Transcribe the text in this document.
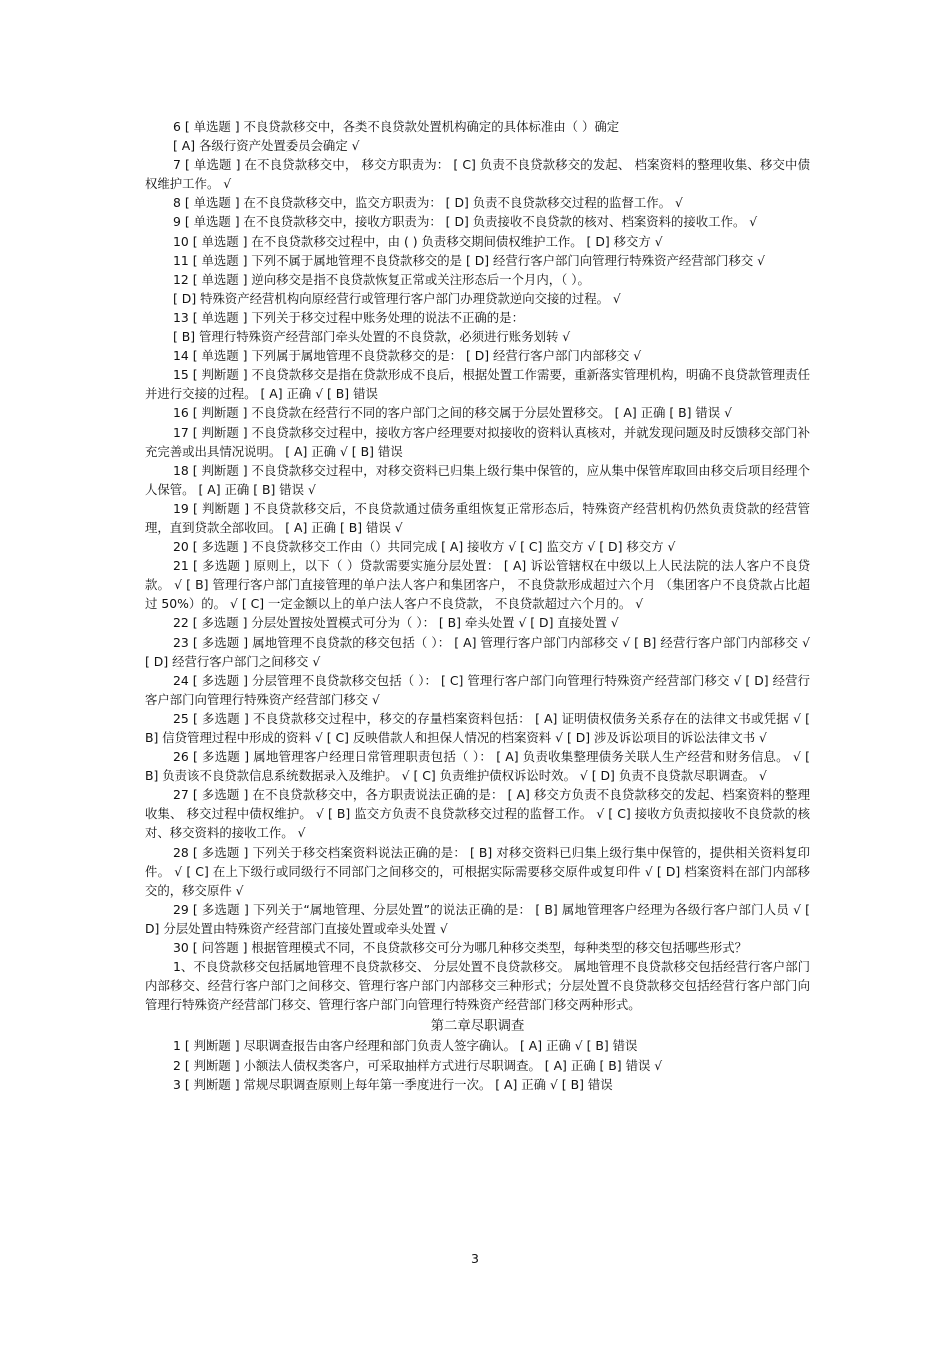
6 [ 单选题 ] 不良贷款移交中，各类不良贷款处置机构确定的具体标准由（ ）确定

[ A] 各级行资产处置委员会确定 √

7 [ 单选题 ] 在不良贷款移交中， 移交方职责为： [ C] 负责不良贷款移交的发起、 档案资料的整理收集、移交中债权维护工作。 √

8 [ 单选题 ] 在不良贷款移交中，监交方职责为： [ D] 负责不良贷款移交过程的监督工作。 √

9 [ 单选题 ] 在不良贷款移交中，接收方职责为： [ D] 负责接收不良贷款的核对、档案资料的接收工作。 √

10 [ 单选题 ] 在不良贷款移交过程中，由 ( ) 负责移交期间债权维护工作。 [ D] 移交方 √

11 [ 单选题 ] 下列不属于属地管理不良贷款移交的是 [ D] 经营行客户部门向管理行特殊资产经营部门移交 √

12 [ 单选题 ] 逆向移交是指不良贷款恢复正常或关注形态后一个月内，（ ）。

[ D] 特殊资产经营机构向原经营行或管理行客户部门办理贷款逆向交接的过程。 √

13 [ 单选题 ] 下列关于移交过程中账务处理的说法不正确的是：

[ B] 管理行特殊资产经营部门牵头处置的不良贷款，必须进行账务划转 √

14 [ 单选题 ] 下列属于属地管理不良贷款移交的是： [ D] 经营行客户部门内部移交 √

15 [ 判断题 ] 不良贷款移交是指在贷款形成不良后，根据处置工作需要，重新落实管理机构，明确不良贷款管理责任并进行交接的过程。 [ A] 正确 √ [ B] 错误

16 [ 判断题 ] 不良贷款在经营行不同的客户部门之间的移交属于分层处置移交。 [ A] 正确 [ B] 错误 √

17 [ 判断题 ] 不良贷款移交过程中，接收方客户经理要对拟接收的资料认真核对，并就发现问题及时反馈移交部门补充完善或出具情况说明。 [ A] 正确 √ [ B] 错误

18 [ 判断题 ] 不良贷款移交过程中，对移交资料已归集上级行集中保管的，应从集中保管库取回由移交后项目经理个人保管。 [ A] 正确 [ B] 错误 √

19 [ 判断题 ] 不良贷款移交后，不良贷款通过债务重组恢复正常形态后，特殊资产经营机构仍然负责贷款的经营管理，直到贷款全部收回。 [ A] 正确 [ B] 错误 √

20 [ 多选题 ] 不良贷款移交工作由（）共同完成 [ A] 接收方 √ [ C] 监交方 √ [ D] 移交方 √

21 [ 多选题 ] 原则上，以下（ ）贷款需要实施分层处置： [ A] 诉讼管辖权在中级以上人民法院的法人客户不良贷款。 √ [ B] 管理行客户部门直接管理的单户法人客户和集团客户， 不良贷款形成超过六个月 （集团客户不良贷款占比超过 50%）的。 √ [ C] 一定金额以上的单户法人客户不良贷款， 不良贷款超过六个月的。 √

22 [ 多选题 ] 分层处置按处置模式可分为（ ）： [ B] 牵头处置 √ [ D] 直接处置 √

23 [ 多选题 ] 属地管理不良贷款的移交包括（ ）： [ A] 管理行客户部门内部移交 √ [ B] 经营行客户部门内部移交 √ [ D] 经营行客户部门之间移交 √

24 [ 多选题 ] 分层管理不良贷款移交包括（ ）： [ C] 管理行客户部门向管理行特殊资产经营部门移交 √ [ D] 经营行客户部门向管理行特殊资产经营部门移交 √

25 [ 多选题 ] 不良贷款移交过程中，移交的存量档案资料包括： [ A] 证明债权债务关系存在的法律文书或凭据 √ [ B] 信贷管理过程中形成的资料 √ [ C] 反映借款人和担保人情况的档案资料 √ [ D] 涉及诉讼项目的诉讼法律文书 √

26 [ 多选题 ] 属地管理客户经理日常管理职责包括（ ）： [ A] 负责收集整理债务关联人生产经营和财务信息。 √ [ B] 负责该不良贷款信息系统数据录入及维护。 √ [ C] 负责维护债权诉讼时效。 √ [ D] 负责不良贷款尽职调查。 √

27 [ 多选题 ] 在不良贷款移交中，各方职责说法正确的是： [ A] 移交方负责不良贷款移交的发起、档案资料的整理收集、 移交过程中债权维护。 √ [ B] 监交方负责不良贷款移交过程的监督工作。 √ [ C] 接收方负责拟接收不良贷款的核对、移交资料的接收工作。 √

28 [ 多选题 ] 下列关于移交档案资料说法正确的是： [ B] 对移交资料已归集上级行集中保管的，提供相关资料复印件。 √ [ C] 在上下级行或同级行不同部门之间移交的，可根据实际需要移交原件或复印件 √ [ D] 档案资料在部门内部移交的，移交原件 √

29 [ 多选题 ] 下列关于“属地管理、分层处置”的说法正确的是： [ B] 属地管理客户经理为各级行客户部门人员 √ [ D] 分层处置由特殊资产经营部门直接处置或牵头处置 √

30 [ 问答题 ] 根据管理模式不同，不良贷款移交可分为哪几种移交类型，每种类型的移交包括哪些形式？

1、不良贷款移交包括属地管理不良贷款移交、 分层处置不良贷款移交。 属地管理不良贷款移交包括经营行客户部门内部移交、经营行客户部门之间移交、管理行客户部门内部移交三种形式；分层处置不良贷款移交包括经营行客户部门向管理行特殊资产经营部门移交、管理行客户部门向管理行特殊资产经营部门移交两种形式。

第二章尽职调查

1 [ 判断题 ] 尽职调查报告由客户经理和部门负责人签字确认。 [ A] 正确 √ [ B] 错误

2 [ 判断题 ] 小额法人债权类客户，可采取抽样方式进行尽职调查。 [ A] 正确 [ B] 错误 √

3 [ 判断题 ] 常规尽职调查原则上每年第一季度进行一次。 [ A] 正确 √ [ B] 错误

3
